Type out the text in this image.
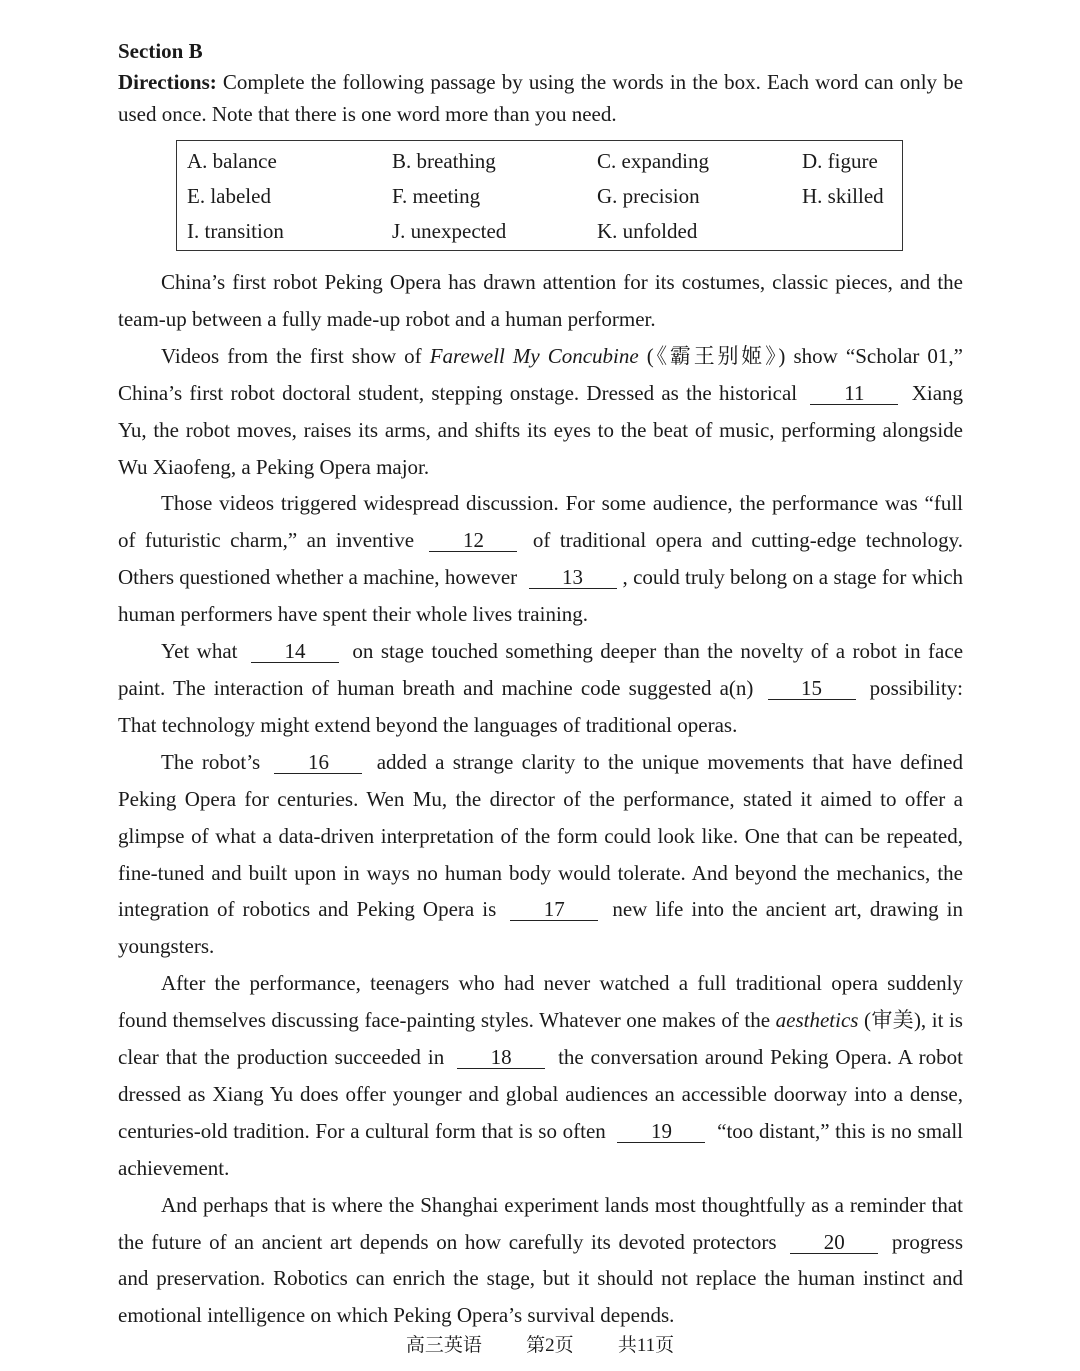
Section B

Directions: Complete the following passage by using the words in the box. Each word can only be used once. Note that there is one word more than you need.

A. balance	B. breathing	C. expanding	D. figure
E. labeled	F. meeting	G. precision	H. skilled
I. transition	J. unexpected	K. unfolded

China’s first robot Peking Opera has drawn attention for its costumes, classic pieces, and the team-up between a fully made-up robot and a human performer.

Videos from the first show of Farewell My Concubine (《霸王别姬》) show “Scholar 01,” China’s first robot doctoral student, stepping onstage. Dressed as the historical 11 Xiang Yu, the robot moves, raises its arms, and shifts its eyes to the beat of music, performing alongside Wu Xiaofeng, a Peking Opera major.

Those videos triggered widespread discussion. For some audience, the performance was “full of futuristic charm,” an inventive 12 of traditional opera and cutting-edge technology. Others questioned whether a machine, however 13 , could truly belong on a stage for which human performers have spent their whole lives training.

Yet what 14 on stage touched something deeper than the novelty of a robot in face paint. The interaction of human breath and machine code suggested a(n) 15 possibility: That technology might extend beyond the languages of traditional operas.

The robot’s 16 added a strange clarity to the unique movements that have defined Peking Opera for centuries. Wen Mu, the director of the performance, stated it aimed to offer a glimpse of what a data-driven interpretation of the form could look like. One that can be repeated, fine-tuned and built upon in ways no human body would tolerate. And beyond the mechanics, the integration of robotics and Peking Opera is 17 new life into the ancient art, drawing in youngsters.

After the performance, teenagers who had never watched a full traditional opera suddenly found themselves discussing face-painting styles. Whatever one makes of the aesthetics (审美), it is clear that the production succeeded in 18 the conversation around Peking Opera. A robot dressed as Xiang Yu does offer younger and global audiences an accessible doorway into a dense, centuries-old tradition. For a cultural form that is so often 19 “too distant,” this is no small achievement.

And perhaps that is where the Shanghai experiment lands most thoughtfully as a reminder that the future of an ancient art depends on how carefully its devoted protectors 20 progress and preservation. Robotics can enrich the stage, but it should not replace the human instinct and emotional intelligence on which Peking Opera’s survival depends.

高三英语   第2页   共11页
